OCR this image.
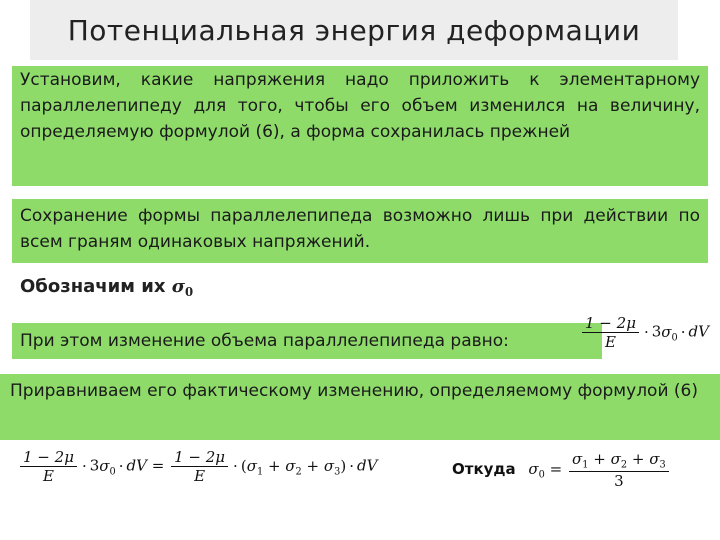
Потенциальная энергия деформации

Установим, какие напряжения надо приложить к элементарному параллелепипеду для того, чтобы его объем изменился на величину, определяемую формулой (6), а форма сохранилась прежней

Сохранение формы параллелепипеда возможно лишь при действии по всем граням одинаковых напряжений.

Обозначим их $\sigma_0$
При этом изменение объема параллелепипеда равно:	$\frac{1 - 2\mu}{E} \cdot 3\sigma_0$ · dV

Приравниваем его фактическому изменению, определяемому формулой (6)

$\frac{1 - 2\mu}{E} \cdot 3\sigma_0$ · dV = $\frac{1 - 2\mu}{E} \cdot (\sigma_1 + \sigma_2 + \sigma_3)$ · dV	Откуда $\sigma_0 = \frac{\sigma_1 + \sigma_2 + \sigma_3}{3}$
